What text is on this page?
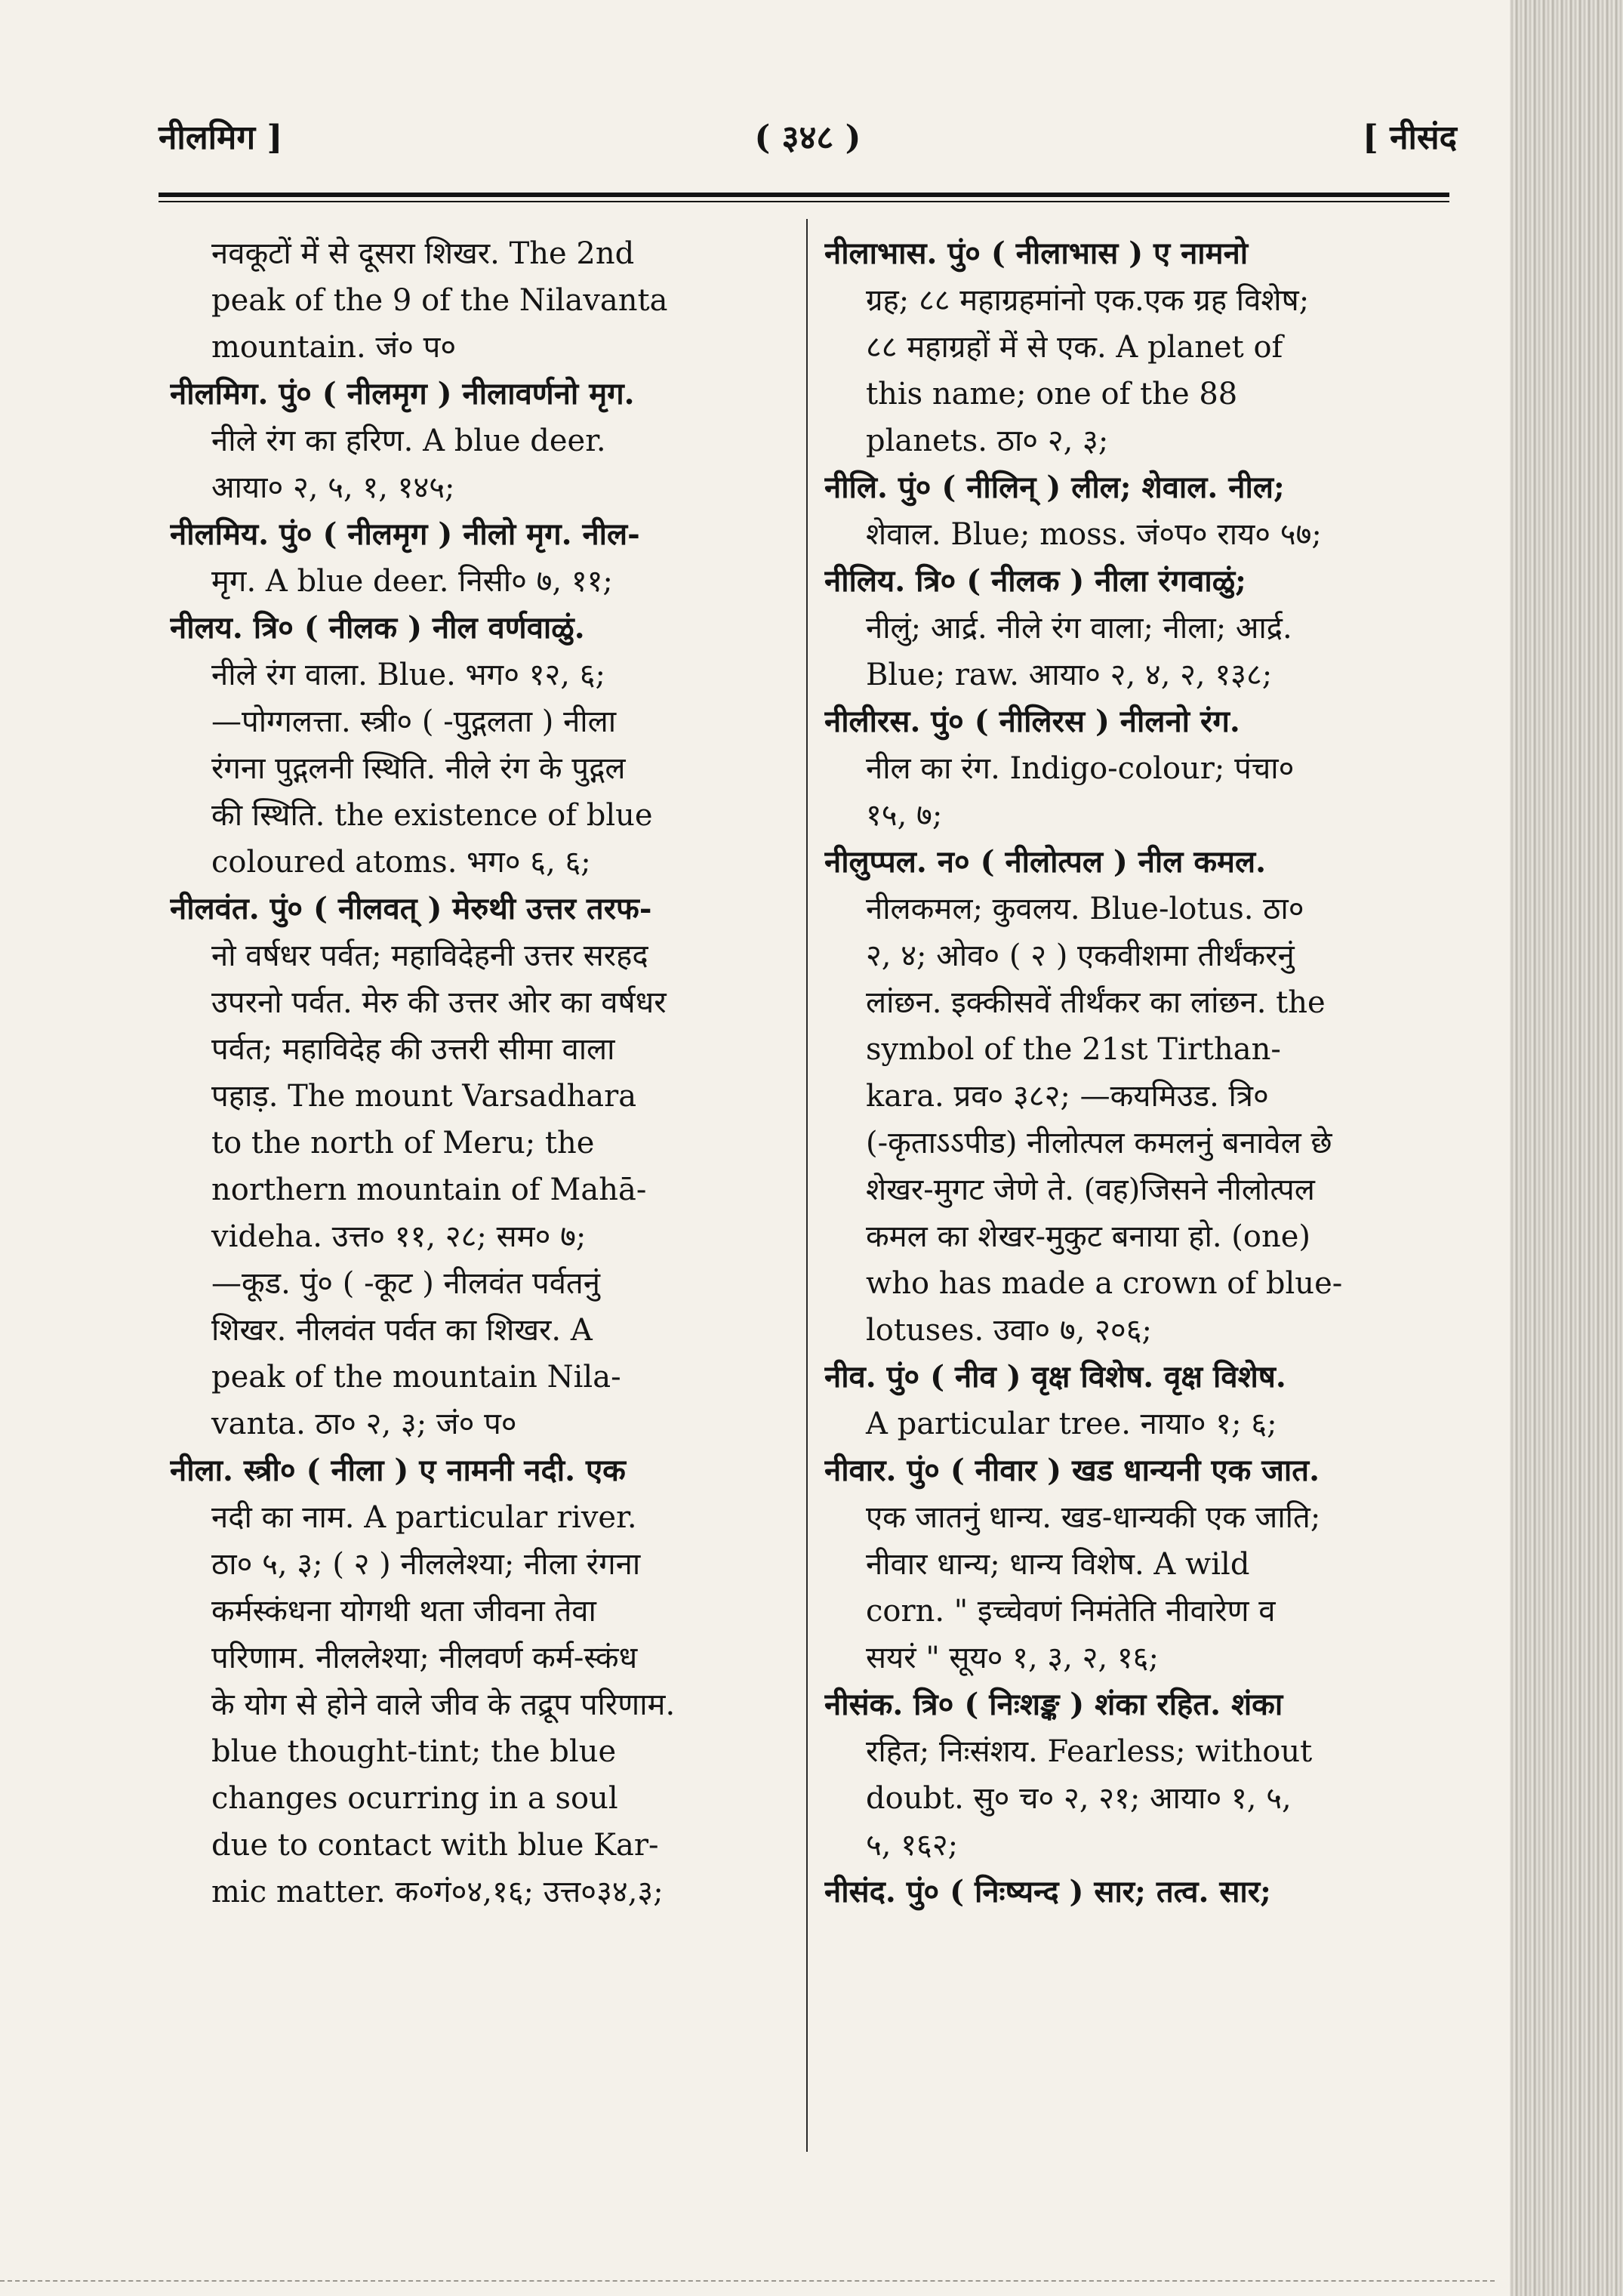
नीलमिग ]	( ३४८ )	[ नीसंद
नवकूटों में से दूसरा शिखर. The 2nd
peak of the 9 of the Nilavanta
mountain. जं० प०
नीलमिग. पुं० ( नीलमृग ) नीलावर्णनो मृग.
नीले रंग का हरिण. A blue deer.
आया० २, ५, १, १४५;
नीलमिय. पुं० ( नीलमृग ) नीलो मृग. नील-
मृग. A blue deer. निसी० ७, ११;
नीलय. त्रि० ( नीलक ) नील वर्णवाळुं.
नीले रंग वाला. Blue. भग० १२, ६;
—पोग्गलत्ता. स्त्री० ( -पुद्गलता ) नीला
रंगना पुद्गलनी स्थिति. नीले रंग के पुद्गल
की स्थिति. the existence of blue
coloured atoms. भग० ६, ६;
नीलवंत. पुं० ( नीलवत् ) मेरुथी उत्तर तरफ-
नो वर्षधर पर्वत; महाविदेहनी उत्तर सरहद
उपरनो पर्वत. मेरु की उत्तर ओर का वर्षधर
पर्वत; महाविदेह की उत्तरी सीमा वाला
पहाड़. The mount Varsadhara
to the north of Meru; the
northern mountain of Mahā-
videha. उत्त० ११, २८; सम० ७;
—कूड. पुं० ( -कूट ) नीलवंत पर्वतनुं
शिखर. नीलवंत पर्वत का शिखर. A
peak of the mountain Nila-
vanta. ठा० २, ३; जं० प०
नीला. स्त्री० ( नीला ) ए नामनी नदी. एक
नदी का नाम. A particular river.
ठा० ५, ३; ( २ ) नीललेश्या; नीला रंगना
कर्मस्कंधना योगथी थता जीवना तेवा
परिणाम. नीललेश्या; नीलवर्ण कर्म-स्कंध
के योग से होने वाले जीव के तद्रूप परिणाम.
blue thought-tint; the blue
changes ocurring in a soul
due to contact with blue Kar-
mic matter. क०गं०४,१६; उत्त०३४,३;
नीलाभास. पुं० ( नीलाभास ) ए नामनो
ग्रह; ८८ महाग्रहमांनो एक.एक ग्रह विशेष;
८८ महाग्रहों में से एक. A planet of
this name; one of the 88
planets. ठा० २, ३;
नीलि. पुं० ( नीलिन् ) लील; शेवाल. नील;
शेवाल. Blue; moss. जं०प० राय० ५७;
नीलिय. त्रि० ( नीलक ) नीला रंगवाळुं;
नीलुं; आर्द्र. नीले रंग वाला; नीला; आर्द्र.
Blue; raw. आया० २, ४, २, १३८;
नीलीरस. पुं० ( नीलिरस ) नीलनो रंग.
नील का रंग. Indigo-colour; पंचा०
१५, ७;
नीलुप्पल. न० ( नीलोत्पल ) नील कमल.
नीलकमल; कुवलय. Blue-lotus. ठा०
२, ४; ओव० ( २ ) एकवीशमा तीर्थंकरनुं
लांछन. इक्कीसवें तीर्थंकर का लांछन. the
symbol of the 21st Tirthan-
kara. प्रव० ३८२; —कयमिउड. त्रि०
(-कृताऽऽपीड) नीलोत्पल कमलनुं बनावेल छे
शेखर-मुगट जेणे ते. (वह)जिसने नीलोत्पल
कमल का शेखर-मुकुट बनाया हो. (one)
who has made a crown of blue-
lotuses. उवा० ७, २०६;
नीव. पुं० ( नीव ) वृक्ष विशेष. वृक्ष विशेष.
A particular tree. नाया० १; ६;
नीवार. पुं० ( नीवार ) खड धान्यनी एक जात.
एक जातनुं धान्य. खड-धान्यकी एक जाति;
नीवार धान्य; धान्य विशेष. A wild
corn. " इच्चेवणं निमंतेति नीवारेण व
सयरं " सूय० १, ३, २, १६;
नीसंक. त्रि० ( निःशङ्क ) शंका रहित. शंका
रहित; निःसंशय. Fearless; without
doubt. सु० च० २, २१; आया० १, ५,
५, १६२;
नीसंद. पुं० ( निःष्यन्द ) सार; तत्व. सार;
